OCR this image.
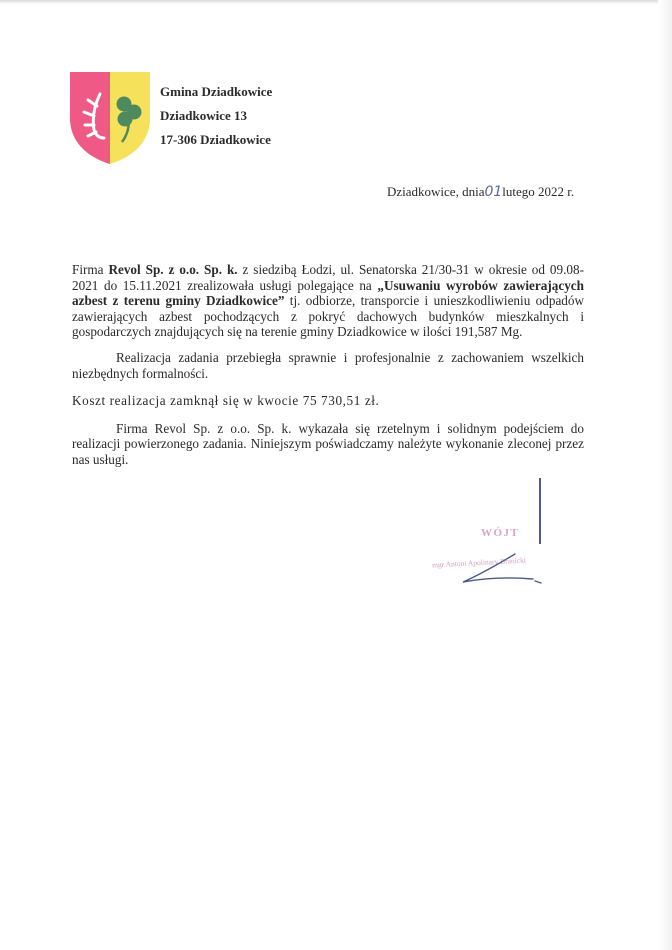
Gmina Dziadkowice
Dziadkowice 13
17-306 Dziadkowice
Dziadkowice, dnia01lutego 2022 r.

Firma Revol Sp. z o.o. Sp. k. z siedzibą Łodzi, ul. Senatorska 21/30-31 w okresie od 09.08-2021 do 15.11.2021 zrealizowała usługi polegające na „Usuwaniu wyrobów zawierających azbest z terenu gminy Dziadkowice” tj. odbiorze, transporcie i unieszkodliwieniu odpadów zawierających azbest pochodzących z pokryć dachowych budynków mieszkalnych i gospodarczych znajdujących się na terenie gminy Dziadkowice w ilości 191,587 Mg.

Realizacja zadania przebiegła sprawnie i profesjonalnie z zachowaniem wszelkich niezbędnych formalności.

Koszt realizacja zamknął się w kwocie 75 730,51 zł.

Firma Revol Sp. z o.o. Sp. k. wykazała się rzetelnym i solidnym podejściem do realizacji powierzonego zadania. Niniejszym poświadczamy należyte wykonanie zleconej przez nas usługi.

WÓJT
mgr Antoni Apolinary Branicki
